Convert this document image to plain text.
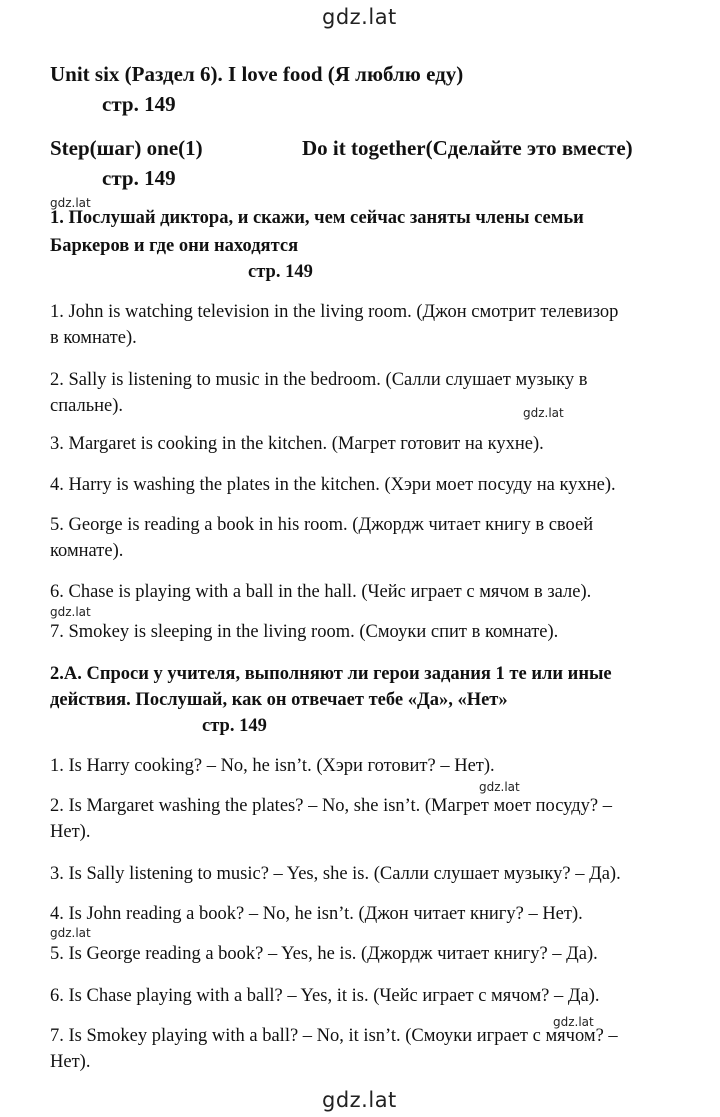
gdz.lat
gdz.lat
gdz.lat
gdz.lat
gdz.lat
gdz.lat
gdz.lat
gdz.lat
Unit six (Раздел 6). I love food (Я люблю еду)
стр. 149
Step(шаг) one(1)	Do it together(Сделайте это вместе)
стр. 149
1. Послушай диктора, и скажи, чем сейчас заняты члены семьи
Баркеров и где они находятся
стр. 149
1. John is watching television in the living room. (Джон смотрит телевизор
в комнате).
2. Sally is listening to music in the bedroom. (Салли слушает музыку в
спальне).
3. Margaret is cooking in the kitchen. (Магрет готовит на кухне).
4. Harry is washing the plates in the kitchen. (Хэри моет посуду на кухне).
5. George is reading a book in his room. (Джордж читает книгу в своей
комнате).
6. Chase is playing with a ball in the hall. (Чейс играет с мячом в зале).
7. Smokey is sleeping in the living room. (Смоуки спит в комнате).
2.А. Спроси у учителя, выполняют ли герои задания 1 те или иные
действия. Послушай, как он отвечает тебе «Да», «Нет»
стр. 149
1. Is Harry cooking? – No, he isn’t. (Хэри готовит? – Нет).
2. Is Margaret washing the plates? – No, she isn’t. (Магрет моет посуду? –
Нет).
3. Is Sally listening to music? – Yes, she is. (Салли слушает музыку? – Да).
4. Is John reading a book? – No, he isn’t. (Джон читает книгу? – Нет).
5. Is George reading a book? – Yes, he is. (Джордж читает книгу? – Да).
6. Is Chase playing with a ball? – Yes, it is. (Чейс играет с мячом? – Да).
7. Is Smokey playing with a ball? – No, it isn’t. (Смоуки играет с мячом? –
Нет).
